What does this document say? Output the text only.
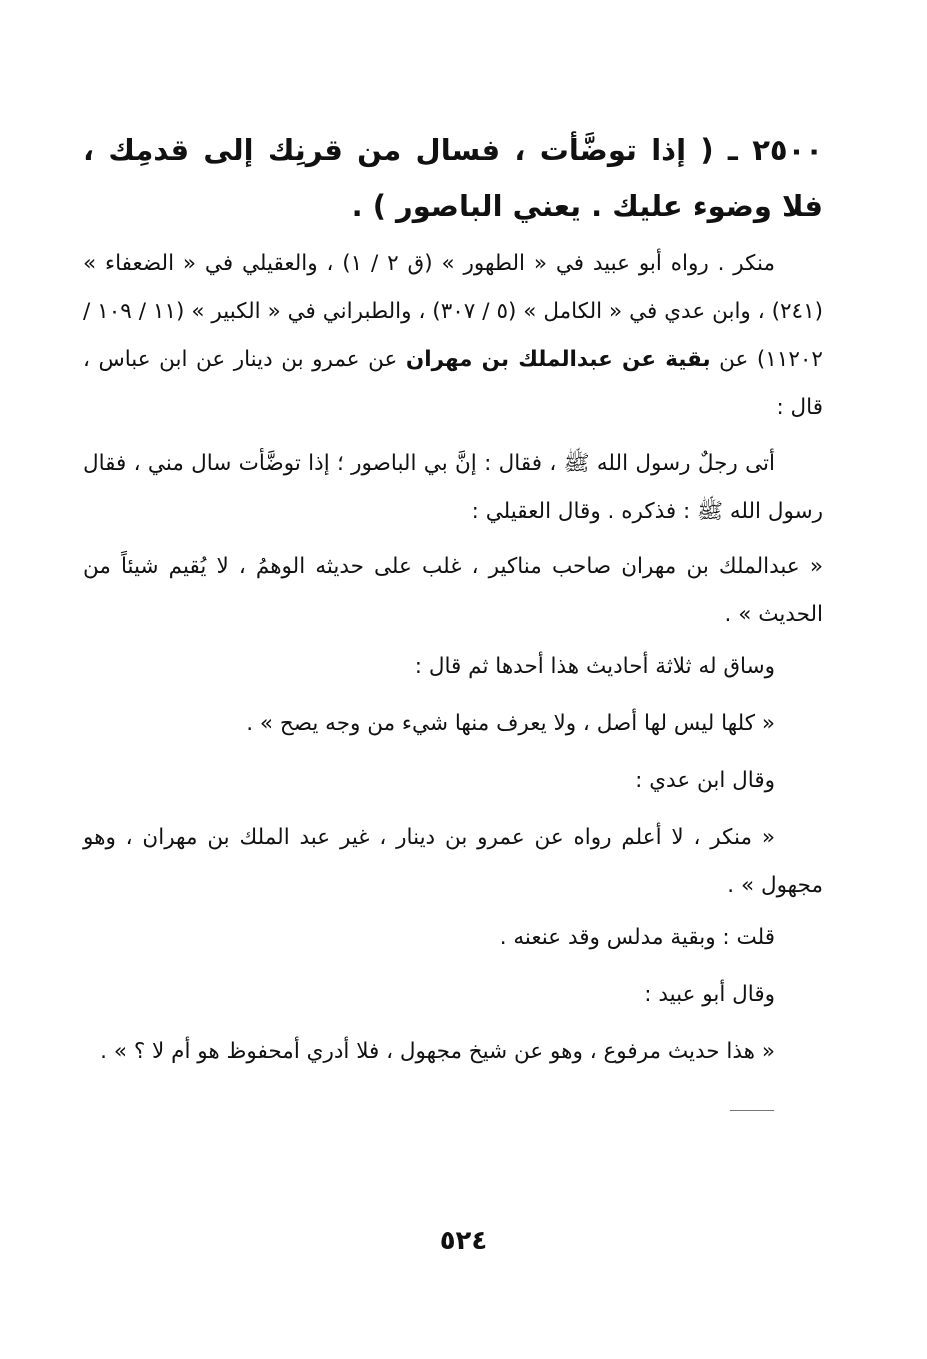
٢٥٠٠ ـ ( إذا توضَّأت ، فسال من قرنِك إلى قدمِك ، فلا وضوء عليك . يعني الباصور ) .
منكر . رواه أبو عبيد في « الطهور » (ق ٢ / ١) ، والعقيلي في « الضعفاء » (٢٤١) ، وابن عدي في « الكامل » (٥ / ٣٠٧) ، والطبراني في « الكبير » (١١ / ١٠٩ / ١١٢٠٢) عن بقية عن عبدالملك بن مهران عن عمرو بن دينار عن ابن عباس ، قال :
أتى رجلٌ رسول الله ﷺ ، فقال : إنَّ بي الباصور ؛ إذا توضَّأت سال مني ، فقال رسول الله ﷺ : فذكره . وقال العقيلي :
« عبدالملك بن مهران صاحب مناكير ، غلب على حديثه الوهمُ ، لا يُقيم شيئاً من الحديث » .
وساق له ثلاثة أحاديث هذا أحدها ثم قال :
« كلها ليس لها أصل ، ولا يعرف منها شيء من وجه يصح » .
وقال ابن عدي :
« منكر ، لا أعلم رواه عن عمرو بن دينار ، غير عبد الملك بن مهران ، وهو مجهول » .
قلت : وبقية مدلس وقد عنعنه .
وقال أبو عبيد :
« هذا حديث مرفوع ، وهو عن شيخ مجهول ، فلا أدري أمحفوظ هو أم لا ؟ » .
٥٢٤
